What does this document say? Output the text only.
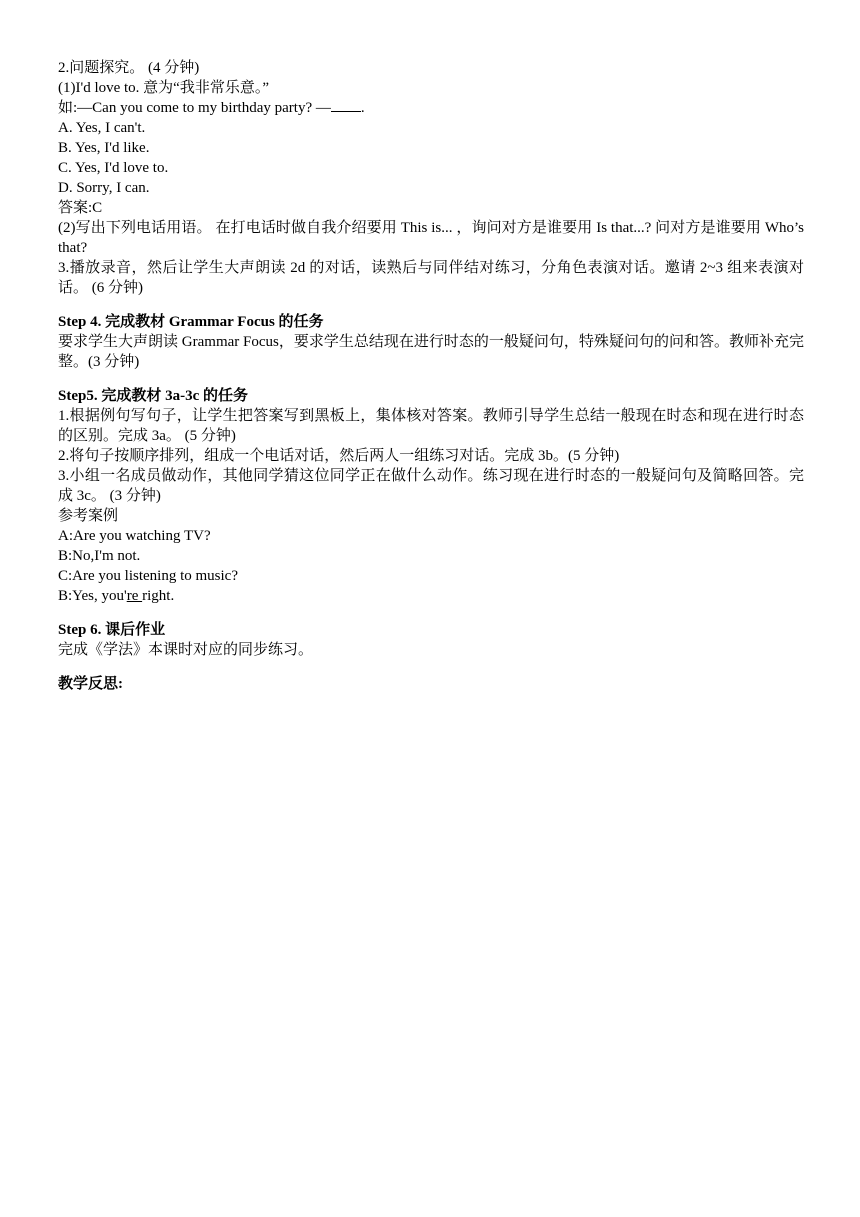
2.问题探究。 (4 分钟)
(1)I'd love to. 意为“我非常乐意。”
如:—Can you come to my birthday party? — .
A. Yes, I can't.
B. Yes, I'd like.
C. Yes, I'd love to.
D. Sorry, I can.
答案:C
(2)写出下列电话用语。 在打电话时做自我介绍要用 This is... ，询问对方是谁要用 Is that...? 问对方是谁要用 Who’s that?
3.播放录音，然后让学生大声朗读 2d 的对话，读熟后与同伴结对练习，分角色表演对话。邀请 2~3 组来表演对话。 (6 分钟)
Step 4. 完成教材 Grammar Focus 的任务
要求学生大声朗读 Grammar Focus，要求学生总结现在进行时态的一般疑问句，特殊疑问句的问和答。教师补充完整。(3 分钟)
Step5. 完成教材 3a-3c 的任务
1.根据例句写句子，让学生把答案写到黑板上，集体核对答案。教师引导学生总结一般现在时态和现在进行时态的区别。完成 3a。 (5 分钟)
2.将句子按顺序排列，组成一个电话对话，然后两人一组练习对话。完成 3b。(5 分钟)
3.小组一名成员做动作，其他同学猜这位同学正在做什么动作。练习现在进行时态的一般疑问句及简略回答。完成 3c。 (3 分钟)
参考案例
A:Are you watching TV?
B:No,I'm not.
C:Are you listening to music?
B:Yes, you're right.
Step 6. 课后作业
完成《学法》本课时对应的同步练习。
教学反思:
